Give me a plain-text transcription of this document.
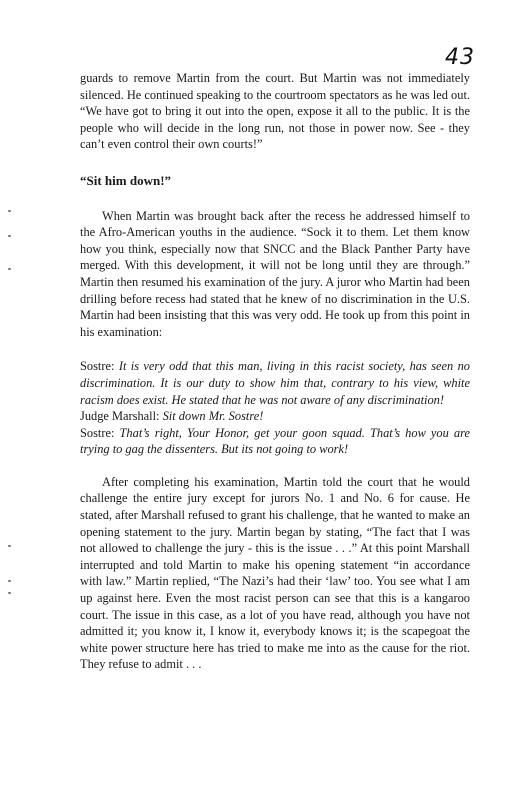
43

guards to remove Martin from the court. But Martin was not immediately silenced. He continued speaking to the courtroom spectators as he was led out. “We have got to bring it out into the open, expose it all to the public. It is the people who will decide in the long run, not those in power now. See - they can’t even control their own courts!”

“Sit him down!”

When Martin was brought back after the recess he addressed himself to the Afro-American youths in the audience. “Sock it to them. Let them know how you think, especially now that SNCC and the Black Panther Party have merged. With this development, it will not be long until they are through.” Martin then resumed his examination of the jury. A juror who Martin had been drilling before recess had stated that he knew of no discrimination in the U.S. Martin had been insisting that this was very odd. He took up from this point in his examination:

Sostre: It is very odd that this man, living in this racist society, has seen no discrimination. It is our duty to show him that, contrary to his view, white racism does exist. He stated that he was not aware of any discrimination!

Judge Marshall: Sit down Mr. Sostre!

Sostre: That’s right, Your Honor, get your goon squad. That’s how you are trying to gag the dissenters. But its not going to work!

After completing his examination, Martin told the court that he would challenge the entire jury except for jurors No. 1 and No. 6 for cause. He stated, after Marshall refused to grant his challenge, that he wanted to make an opening statement to the jury. Martin began by stating, “The fact that I was not allowed to challenge the jury - this is the issue . . .” At this point Marshall interrupted and told Martin to make his opening statement “in accordance with law.” Martin replied, “The Nazi’s had their ‘law’ too. You see what I am up against here. Even the most racist person can see that this is a kangaroo court. The issue in this case, as a lot of you have read, although you have not admitted it; you know it, I know it, everybody knows it; is the scapegoat the white power structure here has tried to make me into as the cause for the riot. They refuse to admit . . .
